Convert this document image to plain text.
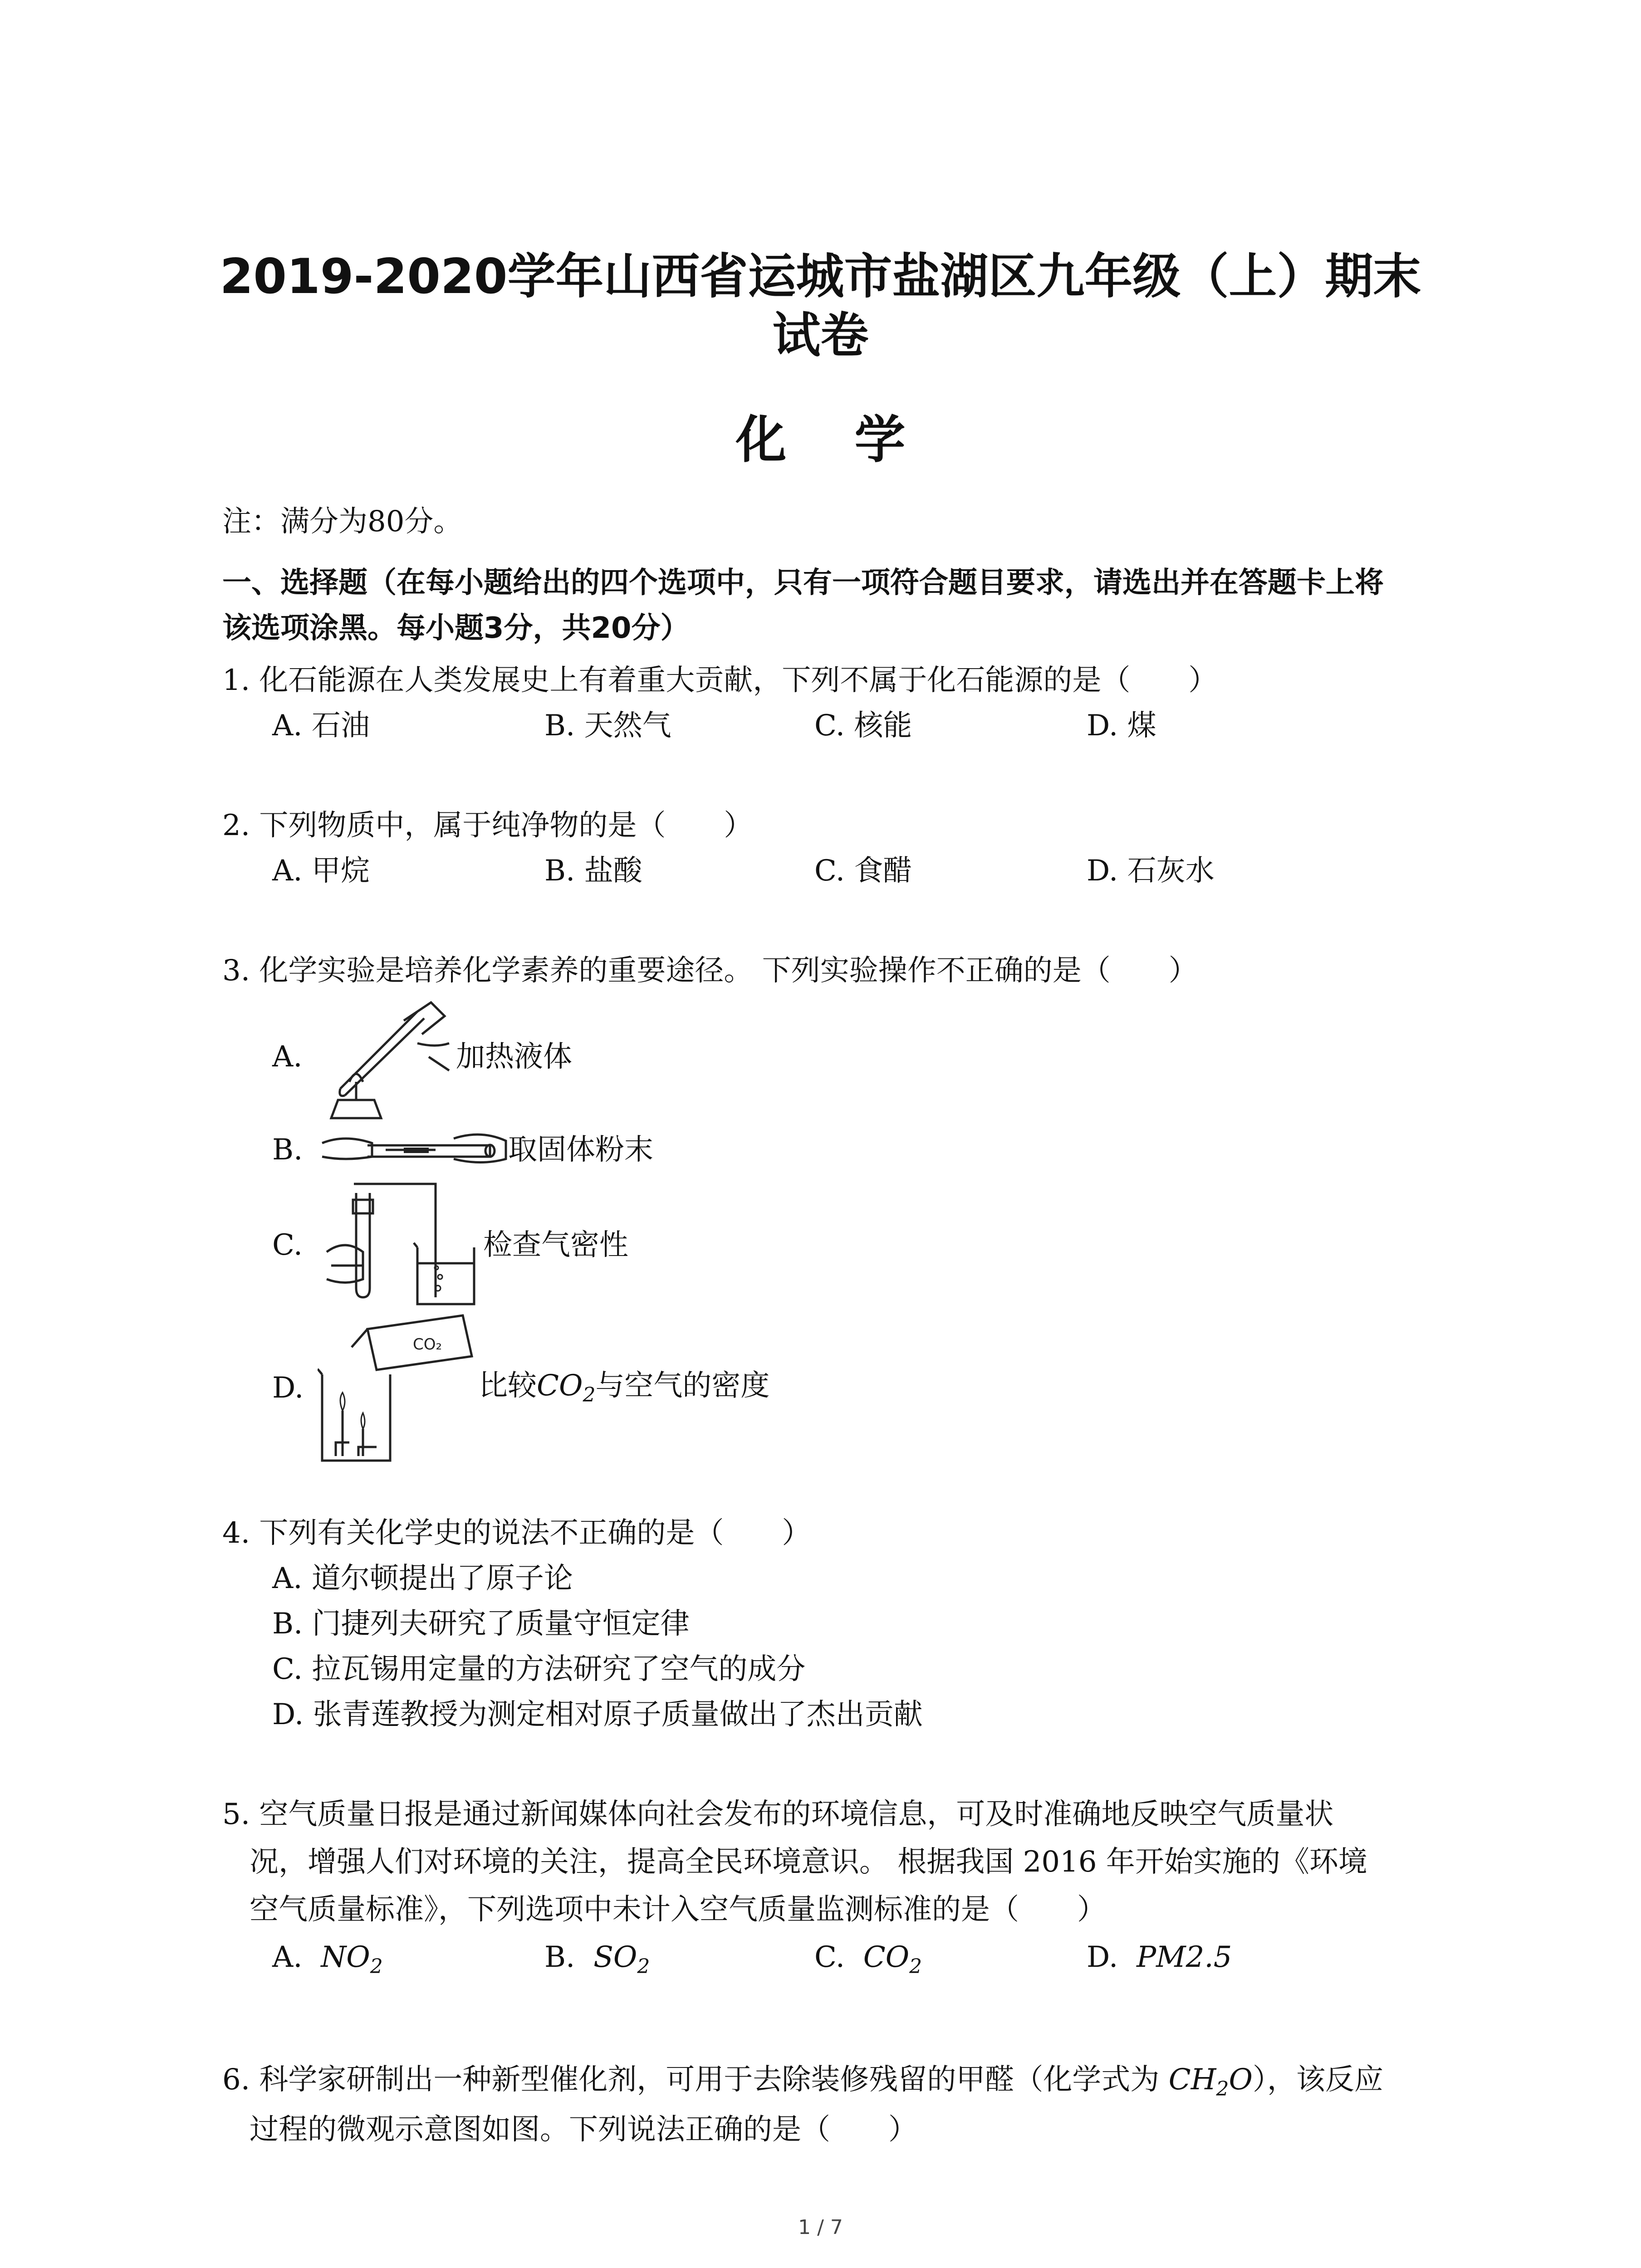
2019-2020学年山西省运城市盐湖区九年级（上）期末
试卷
化学
注：满分为80分。
一、选择题（在每小题给出的四个选项中，只有一项符合题目要求，请选出并在答题卡上将
该选项涂黑。每小题3分，共20分）
1. 化石能源在人类发展史上有着重大贡献，下列不属于化石能源的是（　　）
A. 石油	B. 天然气	C. 核能	D. 煤
2. 下列物质中，属于纯净物的是（　　）
A. 甲烷	B. 盐酸	C. 食醋	D. 石灰水
3. 化学实验是培养化学素养的重要途径。 下列实验操作不正确的是（　　）
A.	加热液体
B.	取固体粉末
C.	检查气密性
D.
CO₂
比较$CO_2$与空气的密度
4. 下列有关化学史的说法不正确的是（　　）
A. 道尔顿提出了原子论
B. 门捷列夫研究了质量守恒定律
C. 拉瓦锡用定量的方法研究了空气的成分
D. 张青莲教授为测定相对原子质量做出了杰出贡献
5. 空气质量日报是通过新闻媒体向社会发布的环境信息，可及时准确地反映空气质量状
况，增强人们对环境的关注，提高全民环境意识。 根据我国 2016 年开始实施的《环境
空气质量标准》，下列选项中未计入空气质量监测标准的是（　　）
A. $NO_2$	B. $SO_2$	C. $CO_2$	D. PM2.5
6. 科学家研制出一种新型催化剂，可用于去除装修残留的甲醛（化学式为 $CH_2O$），该反应
过程的微观示意图如图。下列说法正确的是（　　）
1 / 7
